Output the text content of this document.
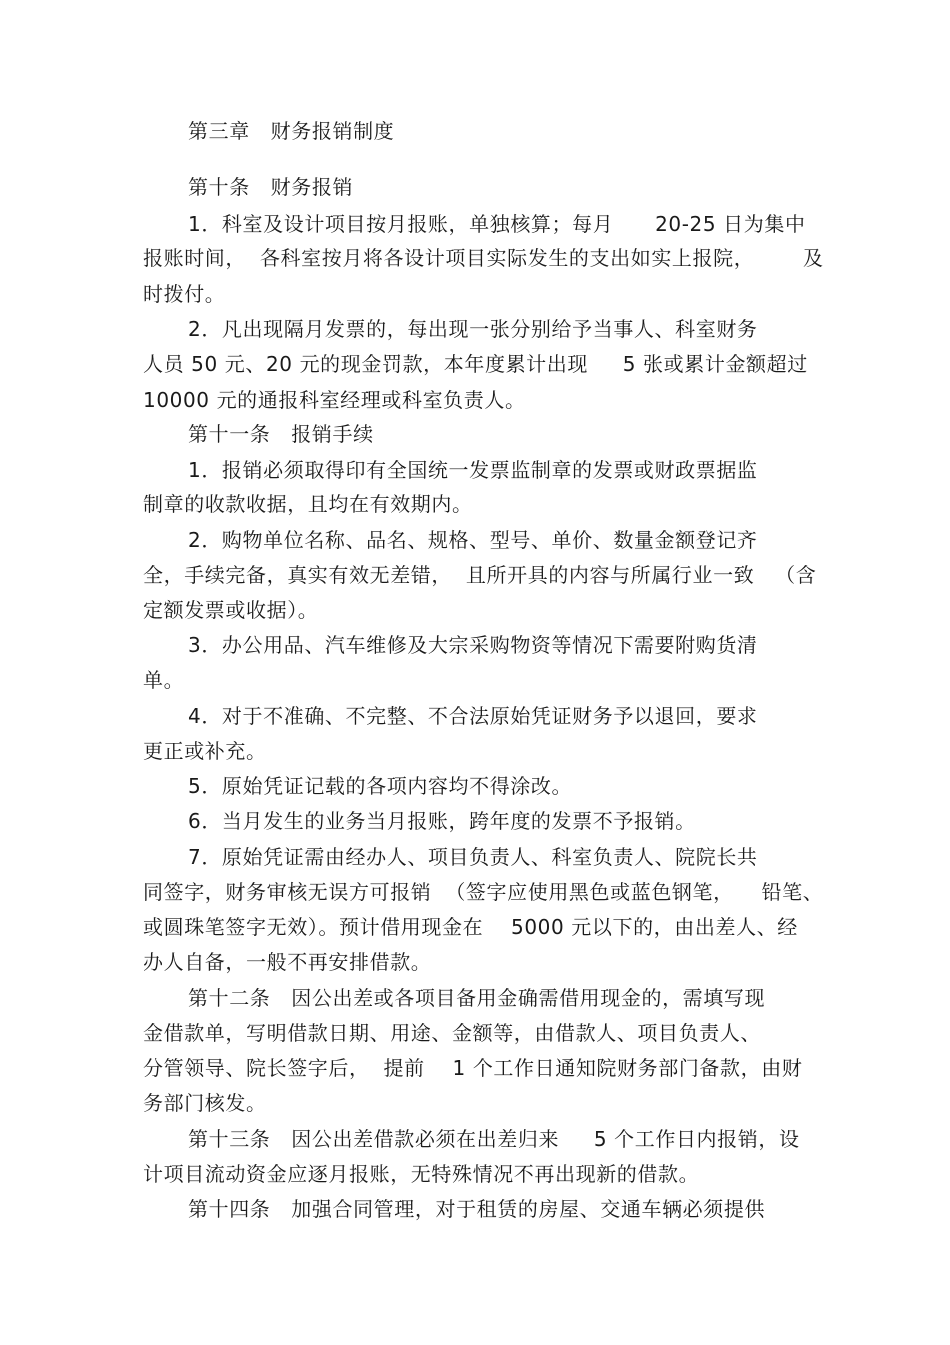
第三章   财务报销制度
第十条   财务报销
1．科室及设计项目按月报账，单独核算；每月      20-25 日为集中
报账时间，  各科室按月将各设计项目实际发生的支出如实上报院，       及
时拨付。
2．凡出现隔月发票的，每出现一张分别给予当事人、科室财务
人员 50 元、20 元的现金罚款，本年度累计出现     5 张或累计金额超过
10000 元的通报科室经理或科室负责人。
第十一条   报销手续
1．报销必须取得印有全国统一发票监制章的发票或财政票据监
制章的收款收据，且均在有效期内。
2．购物单位名称、品名、规格、型号、单价、数量金额登记齐
全，手续完备，真实有效无差错，  且所开具的内容与所属行业一致   （含
定额发票或收据）。
3．办公用品、汽车维修及大宗采购物资等情况下需要附购货清
单。
4．对于不准确、不完整、不合法原始凭证财务予以退回，要求
更正或补充。
5．原始凭证记载的各项内容均不得涂改。
6．当月发生的业务当月报账，跨年度的发票不予报销。
7．原始凭证需由经办人、项目负责人、科室负责人、院院长共
同签字，财务审核无误方可报销  （签字应使用黑色或蓝色钢笔，    铅笔、
或圆珠笔签字无效）。预计借用现金在    5000 元以下的，由出差人、经
办人自备，一般不再安排借款。
第十二条   因公出差或各项目备用金确需借用现金的，需填写现
金借款单，写明借款日期、用途、金额等，由借款人、项目负责人、
分管领导、院长签字后，  提前    1 个工作日通知院财务部门备款，由财
务部门核发。
第十三条   因公出差借款必须在出差归来     5 个工作日内报销，设
计项目流动资金应逐月报账，无特殊情况不再出现新的借款。
第十四条   加强合同管理，对于租赁的房屋、交通车辆必须提供
